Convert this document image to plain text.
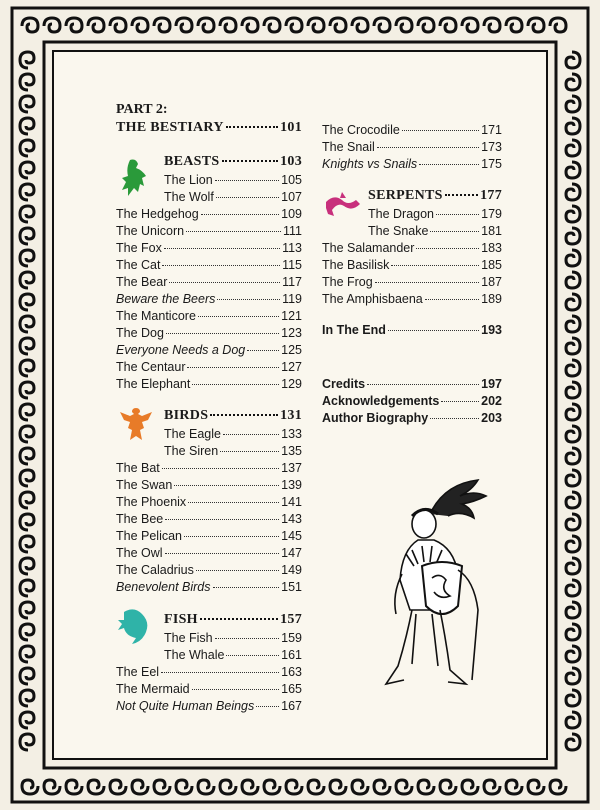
PART 2:
THE BESTIARY	101
BEASTS	103
The Lion	105
The Wolf	107
The Hedgehog	109
The Unicorn	111
The Fox	113
The Cat	115
The Bear	117
Beware the Beers	119
The Manticore	121
The Dog	123
Everyone Needs a Dog	125
The Centaur	127
The Elephant	129
BIRDS	131
The Eagle	133
The Siren	135
The Bat	137
The Swan	139
The Phoenix	141
The Bee	143
The Pelican	145
The Owl	147
The Caladrius	149
Benevolent Birds	151
FISH	157
The Fish	159
The Whale	161
The Eel	163
The Mermaid	165
Not Quite Human Beings 167
The Crocodile	171
The Snail	173
Knights vs Snails	175
SERPENTS	177
The Dragon	179
The Snake	181
The Salamander	183
The Basilisk	185
The Frog	187
The Amphisbaena	189
In The End	193
Credits	197
Acknowledgements	202
Author Biography	203
